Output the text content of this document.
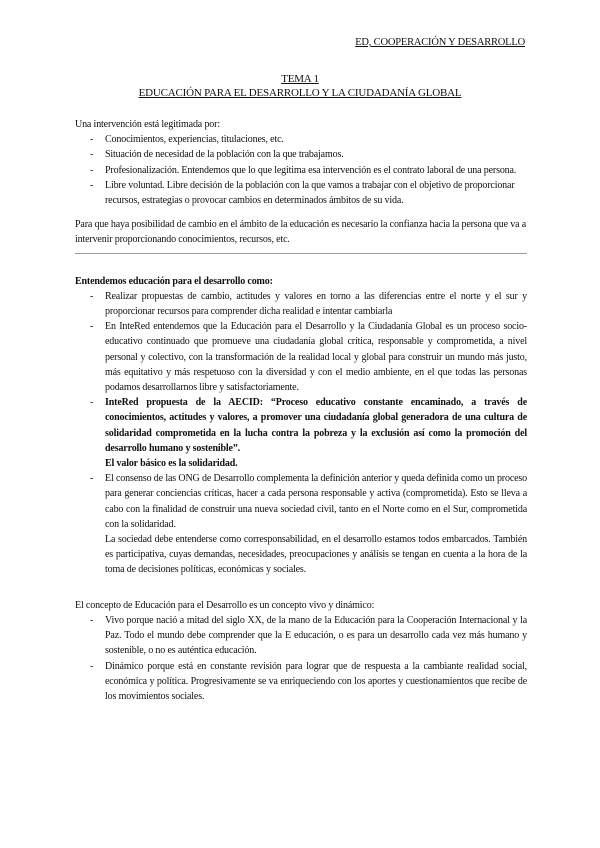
ED, COOPERACIÓN Y DESARROLLO
TEMA 1
EDUCACIÓN PARA EL DESARROLLO Y LA CIUDADANÍA GLOBAL

Una intervención está legitimada por:

- Conocimientos, experiencias, titulaciones, etc.
- Situación de necesidad de la población con la que trabajamos.
- Profesionalización. Entendemos que lo que legitima esa intervención es el contrato laboral de una persona.
- Libre voluntad. Libre decisión de la población con la que vamos a trabajar con el objetivo de proporcionar recursos, estrategias o provocar cambios en determinados ámbitos de su vida.

Para que haya posibilidad de cambio en el ámbito de la educación es necesario la confianza hacia la persona que va a intervenir proporcionando conocimientos, recursos, etc.

Entendemos educación para el desarrollo como:

- Realizar propuestas de cambio, actitudes y valores en torno a las diferencias entre el norte y el sur y proporcionar recursos para comprender dicha realidad e intentar cambiarla
- En InteRed entendemos que la Educación para el Desarrollo y la Ciudadanía Global es un proceso socio-educativo continuado que promueve una ciudadanía global crítica, responsable y comprometida, a nivel personal y colectivo, con la transformación de la realidad local y global para construir un mundo más justo, más equitativo y más respetuoso con la diversidad y con el medio ambiente, en el que todas las personas podamos desarrollarnos libre y satisfactoriamente.
- InteRed propuesta de la AECID: “Proceso educativo constante encaminado, a través de conocimientos, actitudes y valores, a promover una ciudadanía global generadora de una cultura de solidaridad comprometida en la lucha contra la pobreza y la exclusión así como la promoción del desarrollo humano y sostenible”.
El valor básico es la solidaridad.
- El consenso de las ONG de Desarrollo complementa la definición anterior y queda definida como un proceso para generar conciencias críticas, hacer a cada persona responsable y activa (comprometida). Esto se lleva a cabo con la finalidad de construir una nueva sociedad civil, tanto en el Norte como en el Sur, comprometida con la solidaridad.
La sociedad debe entenderse como corresponsabilidad, en el desarrollo estamos todos embarcados. También es participativa, cuyas demandas, necesidades, preocupaciones y análisis se tengan en cuenta a la hora de la toma de decisiones políticas, económicas y sociales.

El concepto de Educación para el Desarrollo es un concepto vivo y dinámico:

- Vivo porque nació a mitad del siglo XX, de la mano de la Educación para la Cooperación Internacional y la Paz. Todo el mundo debe comprender que la E educación, o es para un desarrollo cada vez más humano y sostenible, o no es auténtica educación.
- Dinámico porque está en constante revisión para lograr que de respuesta a la cambiante realidad social, económica y política. Progresivamente se va enriqueciendo con los aportes y cuestionamientos que recibe de los movimientos sociales.
